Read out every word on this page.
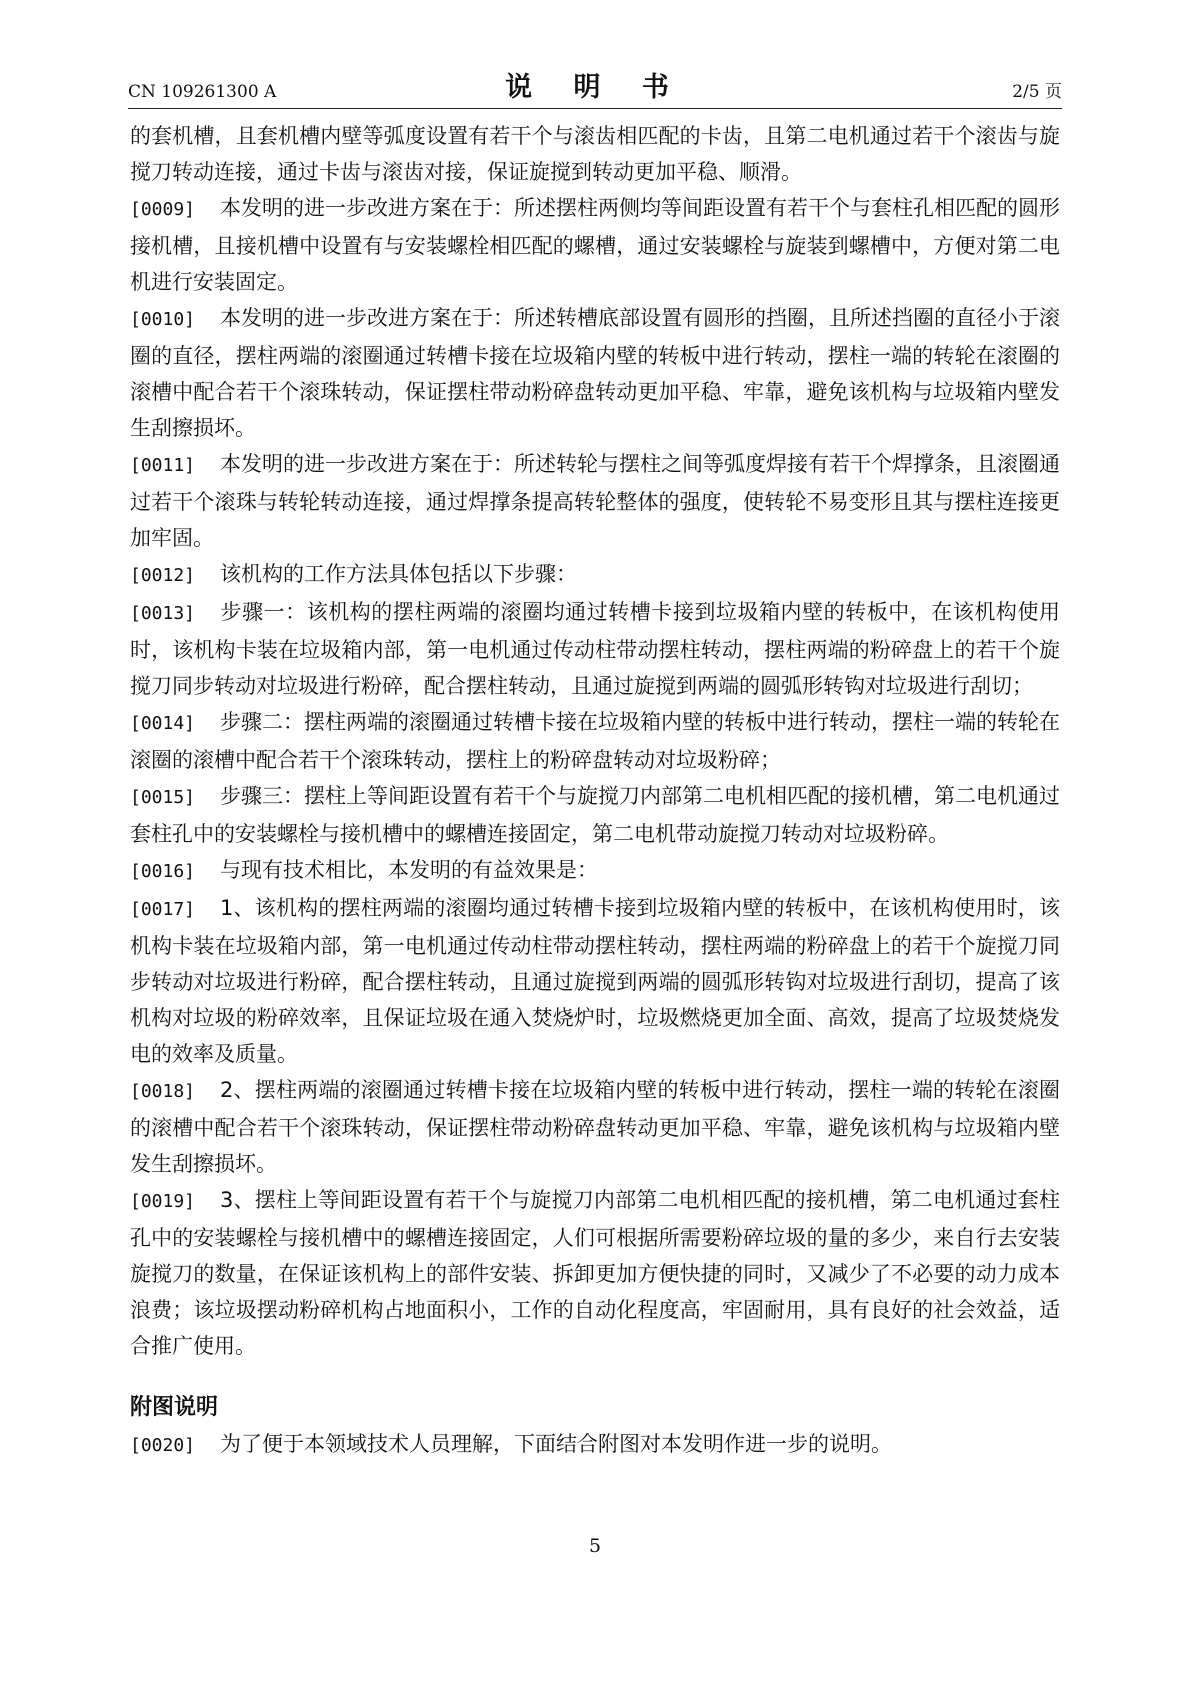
CN 109261300 A	说 明 书	2/5 页

的套机槽，且套机槽内壁等弧度设置有若干个与滚齿相匹配的卡齿，且第二电机通过若干个滚齿与旋搅刀转动连接，通过卡齿与滚齿对接，保证旋搅到转动更加平稳、顺滑。

[0009] 本发明的进一步改进方案在于：所述摆柱两侧均等间距设置有若干个与套柱孔相匹配的圆形接机槽，且接机槽中设置有与安装螺栓相匹配的螺槽，通过安装螺栓与旋装到螺槽中，方便对第二电机进行安装固定。

[0010] 本发明的进一步改进方案在于：所述转槽底部设置有圆形的挡圈，且所述挡圈的直径小于滚圈的直径，摆柱两端的滚圈通过转槽卡接在垃圾箱内壁的转板中进行转动，摆柱一端的转轮在滚圈的滚槽中配合若干个滚珠转动，保证摆柱带动粉碎盘转动更加平稳、牢靠，避免该机构与垃圾箱内壁发生刮擦损坏。

[0011] 本发明的进一步改进方案在于：所述转轮与摆柱之间等弧度焊接有若干个焊撑条，且滚圈通过若干个滚珠与转轮转动连接，通过焊撑条提高转轮整体的强度，使转轮不易变形且其与摆柱连接更加牢固。

[0012] 该机构的工作方法具体包括以下步骤：

[0013] 步骤一：该机构的摆柱两端的滚圈均通过转槽卡接到垃圾箱内壁的转板中，在该机构使用时，该机构卡装在垃圾箱内部，第一电机通过传动柱带动摆柱转动，摆柱两端的粉碎盘上的若干个旋搅刀同步转动对垃圾进行粉碎，配合摆柱转动，且通过旋搅到两端的圆弧形转钩对垃圾进行刮切；

[0014] 步骤二：摆柱两端的滚圈通过转槽卡接在垃圾箱内壁的转板中进行转动，摆柱一端的转轮在滚圈的滚槽中配合若干个滚珠转动，摆柱上的粉碎盘转动对垃圾粉碎；

[0015] 步骤三：摆柱上等间距设置有若干个与旋搅刀内部第二电机相匹配的接机槽，第二电机通过套柱孔中的安装螺栓与接机槽中的螺槽连接固定，第二电机带动旋搅刀转动对垃圾粉碎。

[0016] 与现有技术相比，本发明的有益效果是：

[0017] 1、该机构的摆柱两端的滚圈均通过转槽卡接到垃圾箱内壁的转板中，在该机构使用时，该机构卡装在垃圾箱内部，第一电机通过传动柱带动摆柱转动，摆柱两端的粉碎盘上的若干个旋搅刀同步转动对垃圾进行粉碎，配合摆柱转动，且通过旋搅到两端的圆弧形转钩对垃圾进行刮切，提高了该机构对垃圾的粉碎效率，且保证垃圾在通入焚烧炉时，垃圾燃烧更加全面、高效，提高了垃圾焚烧发电的效率及质量。

[0018] 2、摆柱两端的滚圈通过转槽卡接在垃圾箱内壁的转板中进行转动，摆柱一端的转轮在滚圈的滚槽中配合若干个滚珠转动，保证摆柱带动粉碎盘转动更加平稳、牢靠，避免该机构与垃圾箱内壁发生刮擦损坏。

[0019] 3、摆柱上等间距设置有若干个与旋搅刀内部第二电机相匹配的接机槽，第二电机通过套柱孔中的安装螺栓与接机槽中的螺槽连接固定，人们可根据所需要粉碎垃圾的量的多少，来自行去安装旋搅刀的数量，在保证该机构上的部件安装、拆卸更加方便快捷的同时，又减少了不必要的动力成本浪费；该垃圾摆动粉碎机构占地面积小，工作的自动化程度高，牢固耐用，具有良好的社会效益，适合推广使用。

附图说明

[0020] 为了便于本领域技术人员理解，下面结合附图对本发明作进一步的说明。

5
